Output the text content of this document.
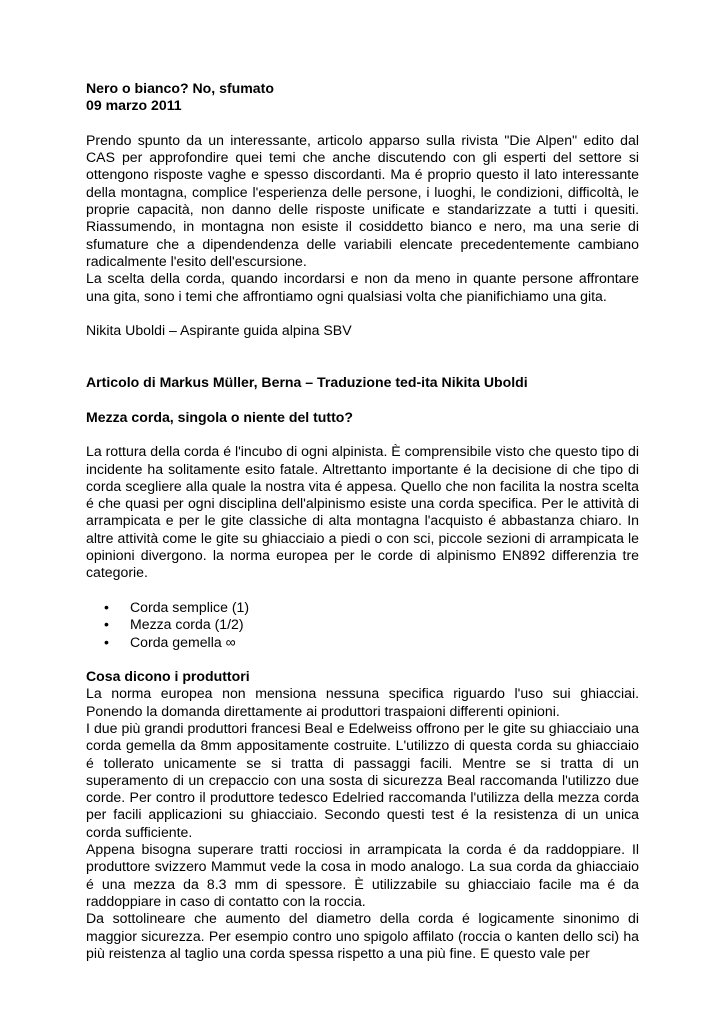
Nero o bianco? No, sfumato
09 marzo 2011

Prendo spunto da un interessante, articolo apparso sulla rivista "Die Alpen" edito dal CAS per approfondire quei temi che anche discutendo con gli esperti del settore si ottengono risposte vaghe e spesso discordanti. Ma é proprio questo il lato interessante della montagna, complice l'esperienza delle persone, i luoghi, le condizioni, difficoltà, le proprie capacità, non danno delle risposte unificate e standarizzate a tutti i quesiti. Riassumendo, in montagna non esiste il cosiddetto bianco e nero, ma una serie di sfumature che a dipendendenza delle variabili elencate precedentemente cambiano radicalmente l'esito dell'escursione.

La scelta della corda, quando incordarsi e non da meno in quante persone affrontare una gita, sono i temi che affrontiamo ogni qualsiasi volta che pianifichiamo una gita.

Nikita Uboldi – Aspirante guida alpina SBV

Articolo di Markus Müller, Berna – Traduzione ted-ita Nikita Uboldi
Mezza corda, singola o niente del tutto?

La rottura della corda é l'incubo di ogni alpinista. È comprensibile visto che questo tipo di incidente ha solitamente esito fatale. Altrettanto importante é la decisione di che tipo di corda scegliere alla quale la nostra vita é appesa. Quello che non facilita la nostra scelta é che quasi per ogni disciplina dell'alpinismo esiste una corda specifica. Per le attività di arrampicata e per le gite classiche di alta montagna l'acquisto é abbastanza chiaro. In altre attività come le gite su ghiacciaio a piedi o con sci, piccole sezioni di arrampicata le opinioni divergono. la norma europea per le corde di alpinismo EN892 differenzia tre categorie.

• Corda semplice (1)
• Mezza corda (1/2)
• Corda gemella ∞
Cosa dicono i produttori

La norma europea non mensiona nessuna specifica riguardo l'uso sui ghiacciai. Ponendo la domanda direttamente ai produttori traspaioni differenti opinioni.

I due più grandi produttori francesi Beal e Edelweiss offrono per le gite su ghiacciaio una corda gemella da 8mm appositamente costruite. L'utilizzo di questa corda su ghiacciaio é tollerato unicamente se si tratta di passaggi facili. Mentre se si tratta di un superamento di un crepaccio con una sosta di sicurezza Beal raccomanda l'utilizzo due corde. Per contro il produttore tedesco Edelried raccomanda l'utilizza della mezza corda per facili applicazioni su ghiacciaio. Secondo questi test é la resistenza di un unica corda sufficiente.

Appena bisogna superare tratti rocciosi in arrampicata la corda é da raddoppiare. Il produttore svizzero Mammut vede la cosa in modo analogo. La sua corda da ghiacciaio é una mezza da 8.3 mm di spessore. È utilizzabile su ghiacciaio facile ma é da raddoppiare in caso di contatto con la roccia.

Da sottolineare che aumento del diametro della corda é logicamente sinonimo di maggior sicurezza. Per esempio contro uno spigolo affilato (roccia o kanten dello sci) ha più reistenza al taglio una corda spessa rispetto a una più fine. E questo vale per
